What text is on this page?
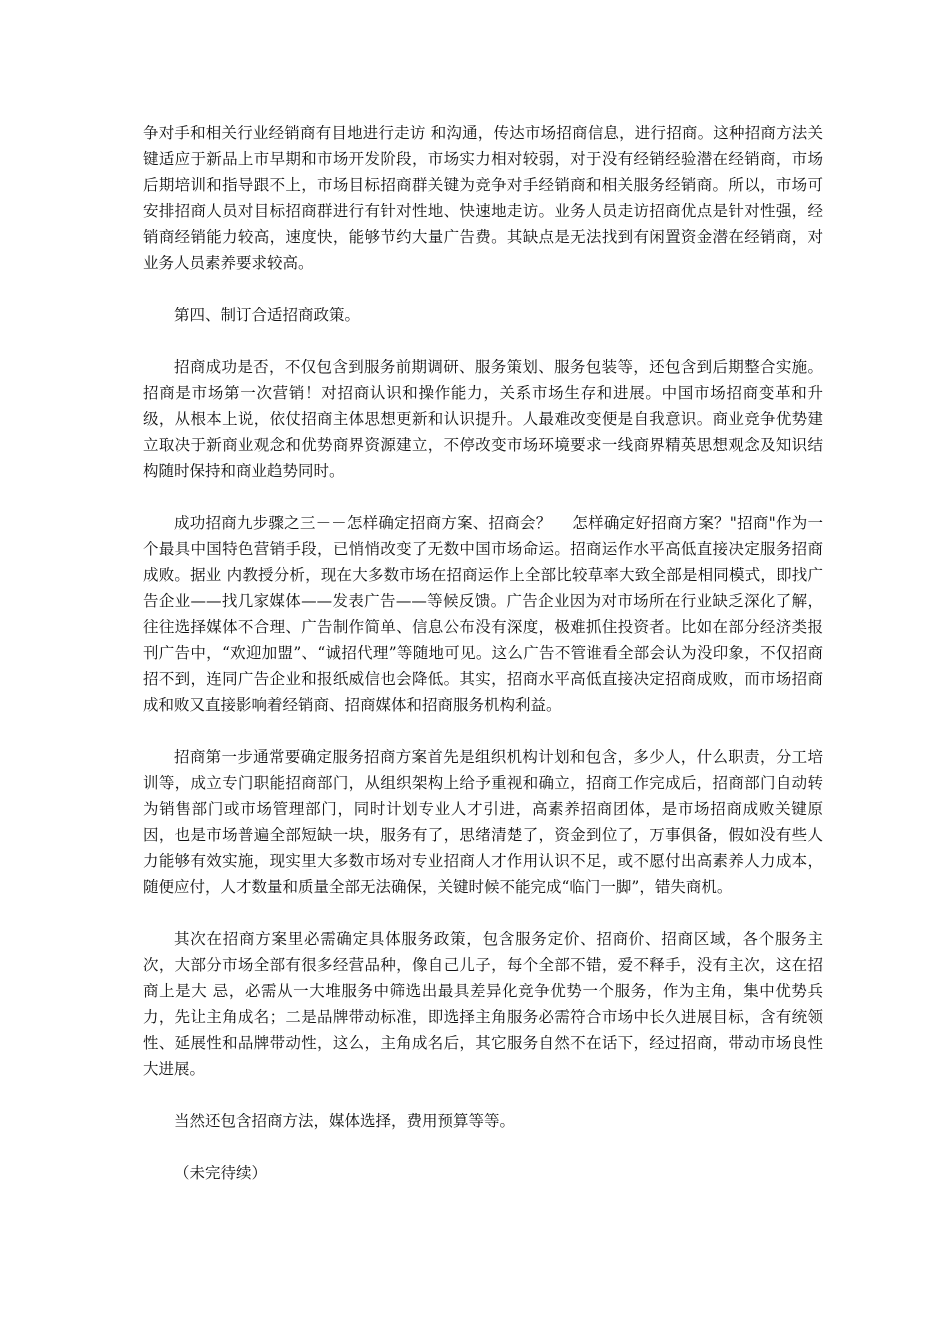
争对手和相关行业经销商有目地进行走访 和沟通，传达市场招商信息，进行招商。这种招商方法关键适应于新品上市早期和市场开发阶段，市场实力相对较弱，对于没有经销经验潜在经销商，市场后期培训和指导跟不上，市场目标招商群关键为竞争对手经销商和相关服务经销商。所以，市场可安排招商人员对目标招商群进行有针对性地、快速地走访。业务人员走访招商优点是针对性强，经销商经销能力较高，速度快，能够节约大量广告费。其缺点是无法找到有闲置资金潜在经销商，对业务人员素养要求较高。

第四、制订合适招商政策。

招商成功是否，不仅包含到服务前期调研、服务策划、服务包装等，还包含到后期整合实施。招商是市场第一次营销！对招商认识和操作能力，关系市场生存和进展。中国市场招商变革和升级，从根本上说，依仗招商主体思想更新和认识提升。人最难改变便是自我意识。商业竞争优势建立取决于新商业观念和优势商界资源建立，不停改变市场环境要求一线商界精英思想观念及知识结构随时保持和商业趋势同时。

成功招商九步骤之三－－怎样确定招商方案、招商会？　 怎样确定好招商方案？"招商"作为一个最具中国特色营销手段，已悄悄改变了无数中国市场命运。招商运作水平高低直接决定服务招商成败。据业 内教授分析，现在大多数市场在招商运作上全部比较草率大致全部是相同模式，即找广告企业——找几家媒体——发表广告——等候反馈。广告企业因为对市场所在行业缺乏深化了解，往往选择媒体不合理、广告制作简单、信息公布没有深度，极难抓住投资者。比如在部分经济类报刊广告中，“欢迎加盟”、“诚招代理”等随地可见。这么广告不管谁看全部会认为没印象，不仅招商招不到，连同广告企业和报纸威信也会降低。其实，招商水平高低直接决定招商成败，而市场招商成和败又直接影响着经销商、招商媒体和招商服务机构利益。

招商第一步通常要确定服务招商方案首先是组织机构计划和包含，多少人，什么职责，分工培训等，成立专门职能招商部门，从组织架构上给予重视和确立，招商工作完成后，招商部门自动转为销售部门或市场管理部门，同时计划专业人才引进，高素养招商团体，是市场招商成败关键原因，也是市场普遍全部短缺一块，服务有了，思绪清楚了，资金到位了，万事俱备，假如没有些人力能够有效实施，现实里大多数市场对专业招商人才作用认识不足，或不愿付出高素养人力成本，随便应付，人才数量和质量全部无法确保，关键时候不能完成“临门一脚”，错失商机。

其次在招商方案里必需确定具体服务政策，包含服务定价、招商价、招商区域，各个服务主次，大部分市场全部有很多经营品种，像自己儿子，每个全部不错，爱不释手，没有主次，这在招商上是大 忌，必需从一大堆服务中筛选出最具差异化竞争优势一个服务，作为主角，集中优势兵力，先让主角成名；二是品牌带动标准，即选择主角服务必需符合市场中长久进展目标，含有统领性、延展性和品牌带动性，这么，主角成名后，其它服务自然不在话下，经过招商，带动市场良性大进展。

当然还包含招商方法，媒体选择，费用预算等等。

（未完待续）
